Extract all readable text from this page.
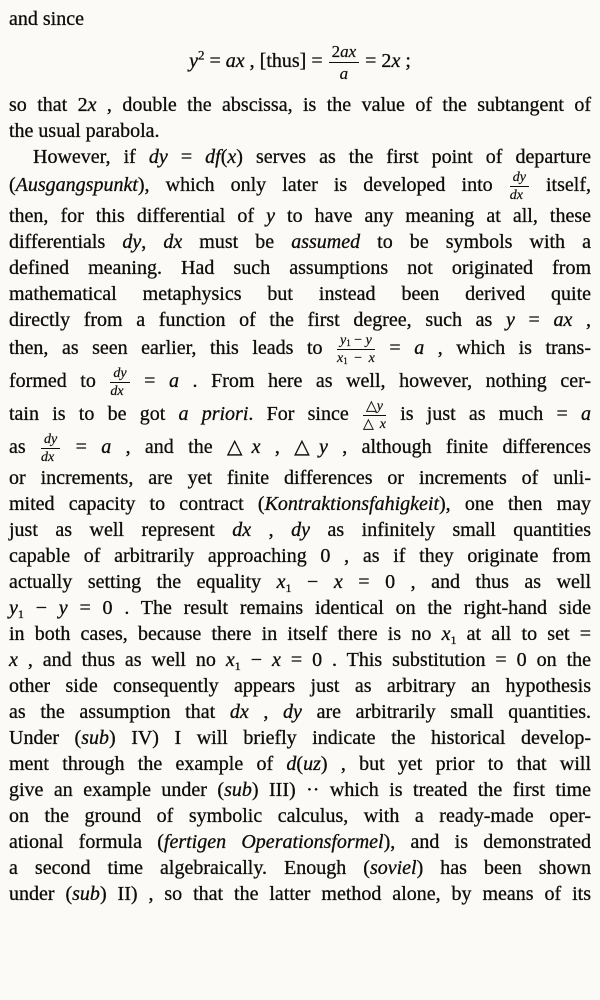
and since
$y^2$ = ax , [thus] = $\frac{2ax}{a} = 2x$ ;
so that 2x , double the abscissa, is the value of the subtangent of
the usual parabola.
However, if dy = df(x) serves as the first point of departure
(Ausgangspunkt), which only later is developed into $\frac{dy}{dx}$ itself,
then, for this differential of y to have any meaning at all, these
differentials dy, dx must be assumed to be symbols with a
defined meaning. Had such assumptions not originated from
mathematical metaphysics but instead been derived quite
directly from a function of the first degree, such as y = ax ,
then, as seen earlier, this leads to $\frac{y_1 - y}{x_1 - x} = a$ , which is trans-
formed to $\frac{dy}{dx} = a$ . From here as well, however, nothing cer-
tain is to be got a priori. For since $\frac{\triangle y}{\triangle x}$ is just as much = a
as $\frac{dy}{dx} = a$ , and the △x , △y , although finite differences
or increments, are yet finite differences or increments of unli-
mited capacity to contract (Kontraktionsfahigkeit), one then may
just as well represent dx , dy as infinitely small quantities
capable of arbitrarily approaching 0 , as if they originate from
actually setting the equality $x_1 - x = 0$ , and thus as well
$y_1 - y = 0$ . The result remains identical on the right-hand side
in both cases, because there in itself there is no $x_1$ at all to set =
x , and thus as well no $x_1 - x = 0$ . This substitution = 0 on the
other side consequently appears just as arbitrary an hypothesis
as the assumption that dx , dy are arbitrarily small quantities.
Under (sub) IV) I will briefly indicate the historical develop-
ment through the example of d(uz) , but yet prior to that will
give an example under (sub) III) ·· which is treated the first time
on the ground of symbolic calculus, with a ready-made oper-
ational formula (fertigen Operationsformel), and is demonstrated
a second time algebraically. Enough (soviel) has been shown
under (sub) II) , so that the latter method alone, by means of its
